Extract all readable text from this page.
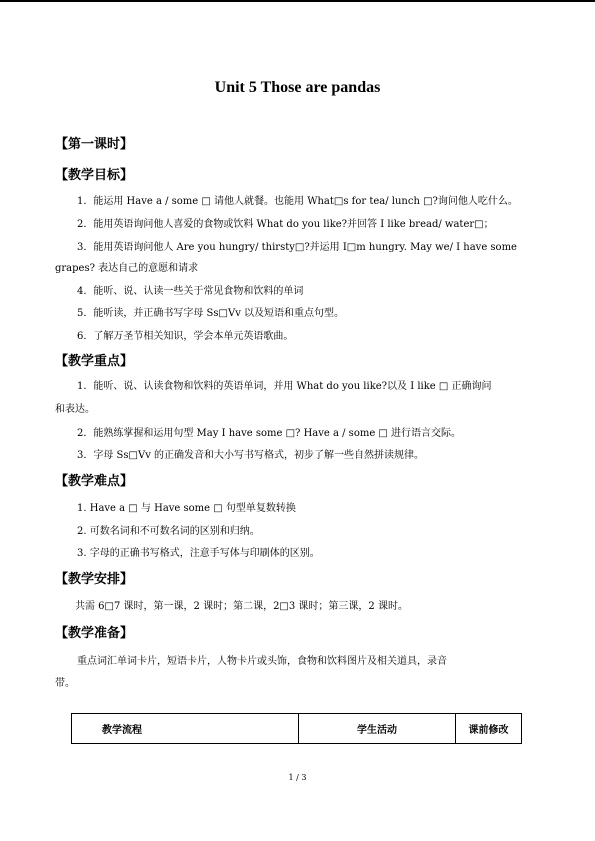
Unit 5 Those are pandas
【第一课时】
【教学目标】
1．能运用 Have a / some □ 请他人就餐。也能用 What□s for tea/ lunch □?询问他人吃什么。
2．能用英语询问他人喜爱的食物或饮料 What do you like?并回答 I like bread/ water□；
3．能用英语询问他人 Are you hungry/ thirsty□?并运用 I□m hungry. May we/ I have some
grapes? 表达自己的意愿和请求
4．能听、说、认读一些关于常见食物和饮料的单词
5．能听读，并正确书写字母 Ss□Vv 以及短语和重点句型。
6．了解万圣节相关知识，学会本单元英语歌曲。
【教学重点】
1．能听、说、认读食物和饮料的英语单词，并用 What do you like?以及 I like □ 正确询问
和表达。
2．能熟练掌握和运用句型 May I have some □? Have a / some □ 进行语言交际。
3．字母 Ss□Vv 的正确发音和大小写书写格式，初步了解一些自然拼读规律。
【教学难点】
1. Have a □ 与 Have some □ 句型单复数转换
2. 可数名词和不可数名词的区别和归纳。
3. 字母的正确书写格式，注意手写体与印刷体的区别。
【教学安排】
共需 6□7 课时，第一课，2 课时；第二课，2□3 课时；第三课，2 课时。
【教学准备】
重点词汇单词卡片，短语卡片，人物卡片或头饰，食物和饮料图片及相关道具，录音
带。
教学流程	学生活动	课前修改
1 / 3
